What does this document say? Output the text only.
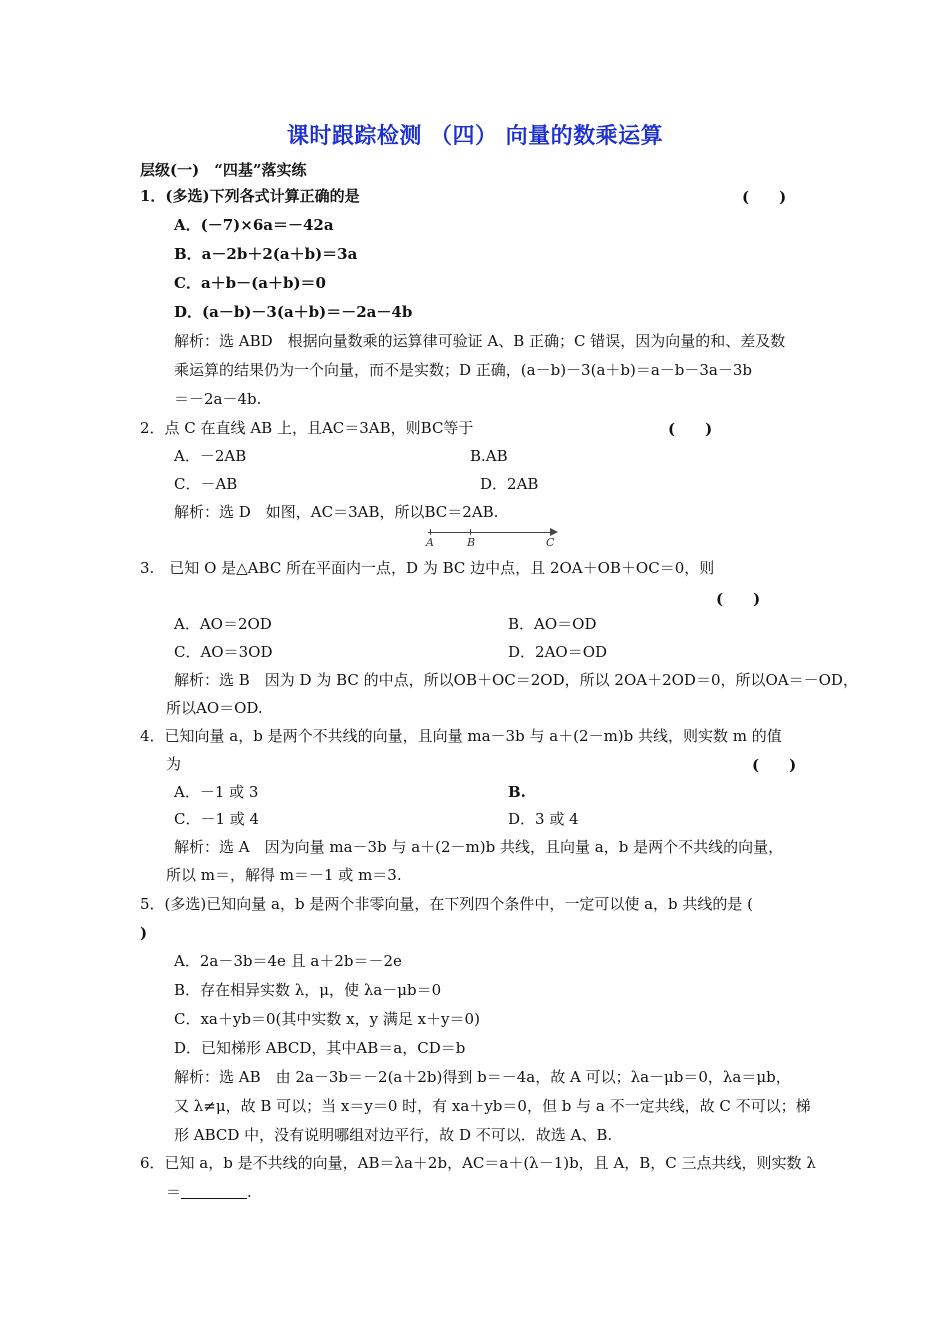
课时跟踪检测 （四） 向量的数乘运算
层级(一)　“四基”落实练
1．(多选)下列各式计算正确的是	(　　)
A．(－7)×6a＝－42a
B．a－2b＋2(a＋b)＝3a
C．a＋b－(a＋b)＝0
D．(a－b)－3(a＋b)＝－2a－4b
解析：选 ABD　根据向量数乘的运算律可验证 A、B 正确；C 错误，因为向量的和、差及数
乘运算的结果仍为一个向量，而不是实数；D 正确，(a－b)－3(a＋b)＝a－b－3a－3b
＝－2a－4b.
2．点 C 在直线 AB 上，且AC＝3AB，则BC等于	(　　)
A．－2AB	B.AB
C．－AB	D．2AB
解析：选 D　如图，AC＝3AB，所以BC＝2AB.
A	B	C
3.　已知 O 是△ABC 所在平面内一点，D 为 BC 边中点，且 2OA＋OB＋OC＝0，则
(　　)
A．AO＝2OD	B．AO＝OD
C．AO＝3OD	D．2AO＝OD
解析：选 B　因为 D 为 BC 的中点，所以OB＋OC＝2OD，所以 2OA＋2OD＝0，所以OA＝－OD，
所以AO＝OD.
4．已知向量 a，b 是两个不共线的向量，且向量 ma－3b 与 a＋(2－m)b 共线，则实数 m 的值
为	(　　)
A．－1 或 3	B.
C．－1 或 4	D．3 或 4
解析：选 A　因为向量 ma－3b 与 a＋(2－m)b 共线，且向量 a，b 是两个不共线的向量，
所以 m＝，解得 m＝－1 或 m＝3.
5．(多选)已知向量 a，b 是两个非零向量，在下列四个条件中，一定可以使 a，b 共线的是 (
)
A．2a－3b＝4e 且 a＋2b＝－2e
B．存在相异实数 λ，μ，使 λa－μb＝0
C．xa＋yb＝0(其中实数 x，y 满足 x＋y＝0)
D．已知梯形 ABCD，其中AB＝a，CD＝b
解析：选 AB　由 2a－3b＝－2(a＋2b)得到 b＝－4a，故 A 可以；λa－μb＝0，λa＝μb，
又 λ≠μ，故 B 可以；当 x＝y＝0 时，有 xa＋yb＝0，但 b 与 a 不一定共线，故 C 不可以；梯
形 ABCD 中，没有说明哪组对边平行，故 D 不可以．故选 A、B.
6．已知 a，b 是不共线的向量，AB＝λa＋2b，AC＝a＋(λ－1)b，且 A，B，C 三点共线，则实数 λ
＝	.
